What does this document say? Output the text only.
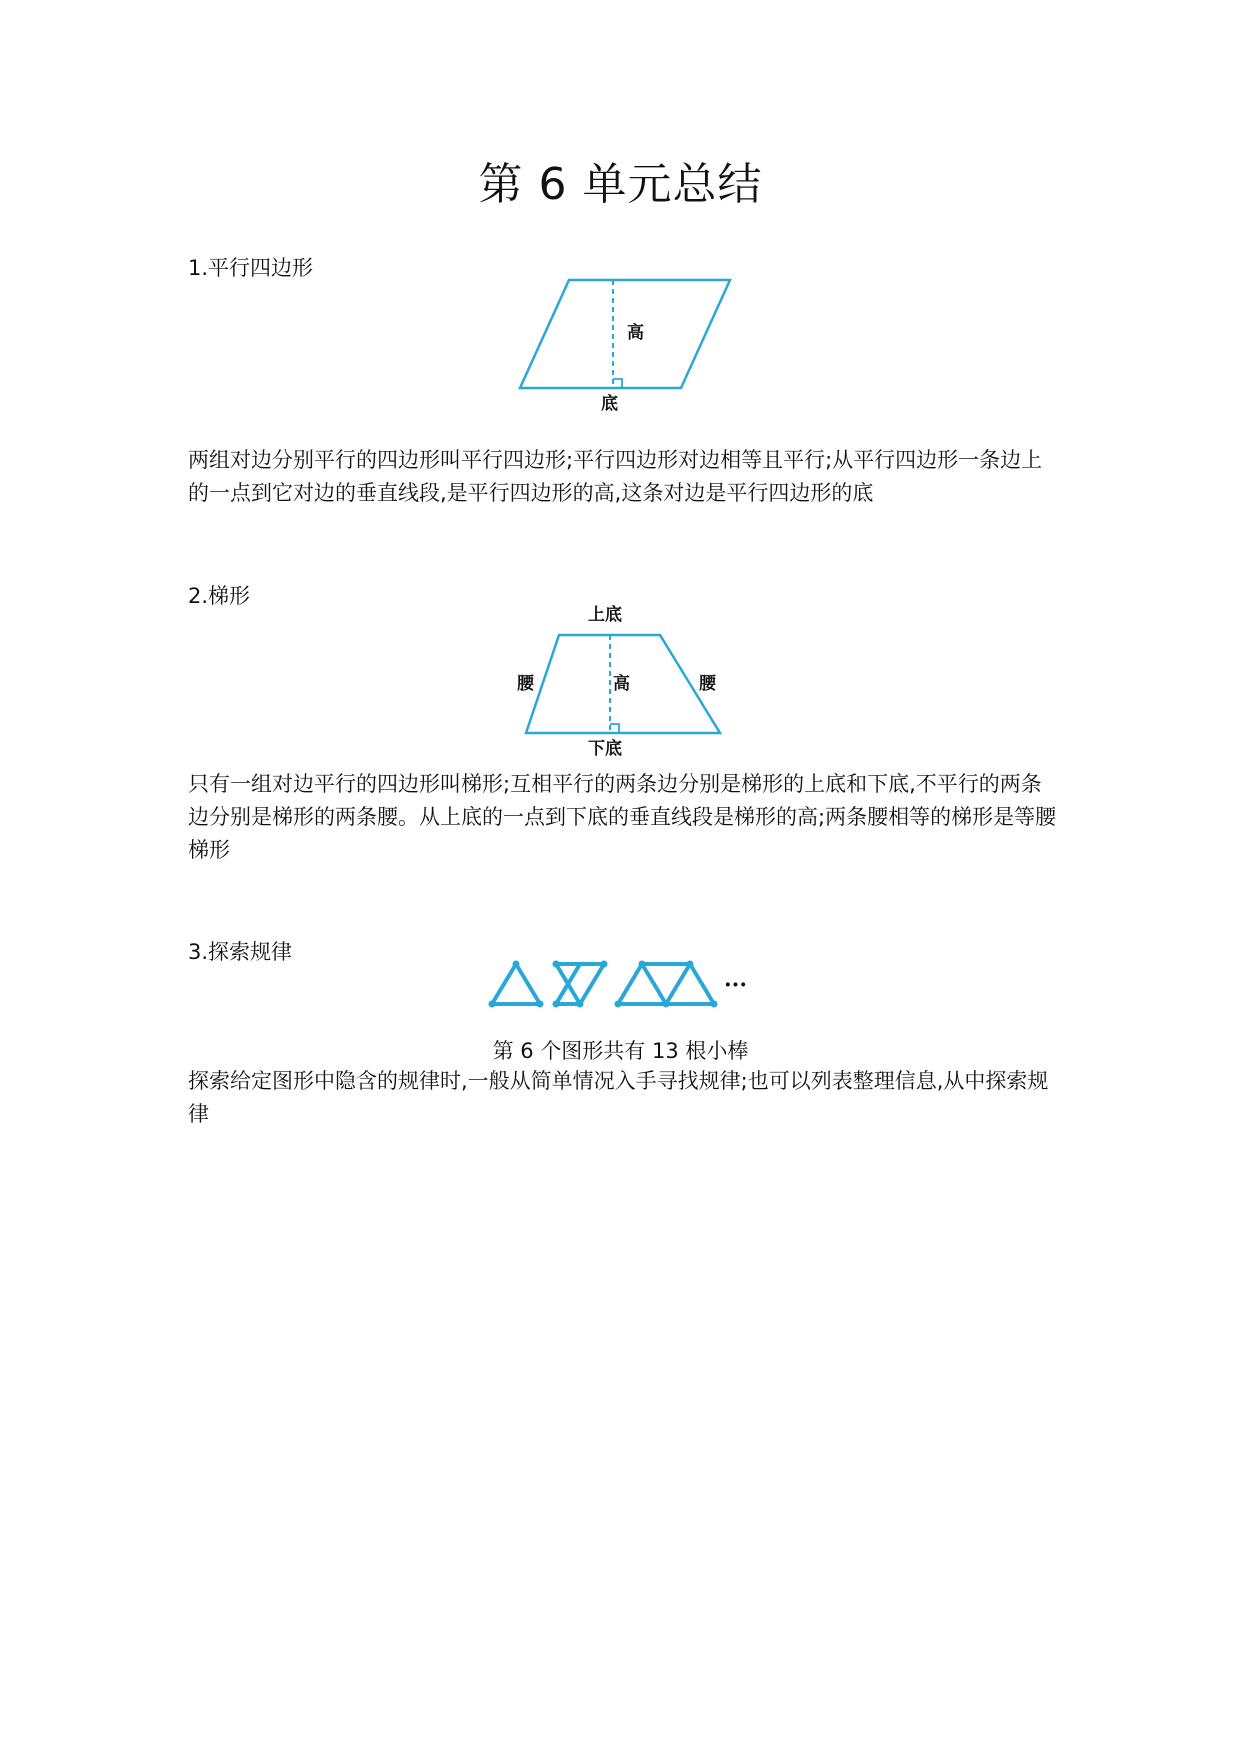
第 6 单元总结
1.平行四边形
高
底
两组对边分别平行的四边形叫平行四边形;平行四边形对边相等且平行;从平行四边形一条边上的一点到它对边的垂直线段,是平行四边形的高,这条对边是平行四边形的底
2.梯形
上底
腰	高	腰
下底
只有一组对边平行的四边形叫梯形;互相平行的两条边分别是梯形的上底和下底,不平行的两条边分别是梯形的两条腰。从上底的一点到下底的垂直线段是梯形的高;两条腰相等的梯形是等腰梯形
3.探索规律
···
第 6 个图形共有 13 根小棒
探索给定图形中隐含的规律时,一般从简单情况入手寻找规律;也可以列表整理信息,从中探索规律
